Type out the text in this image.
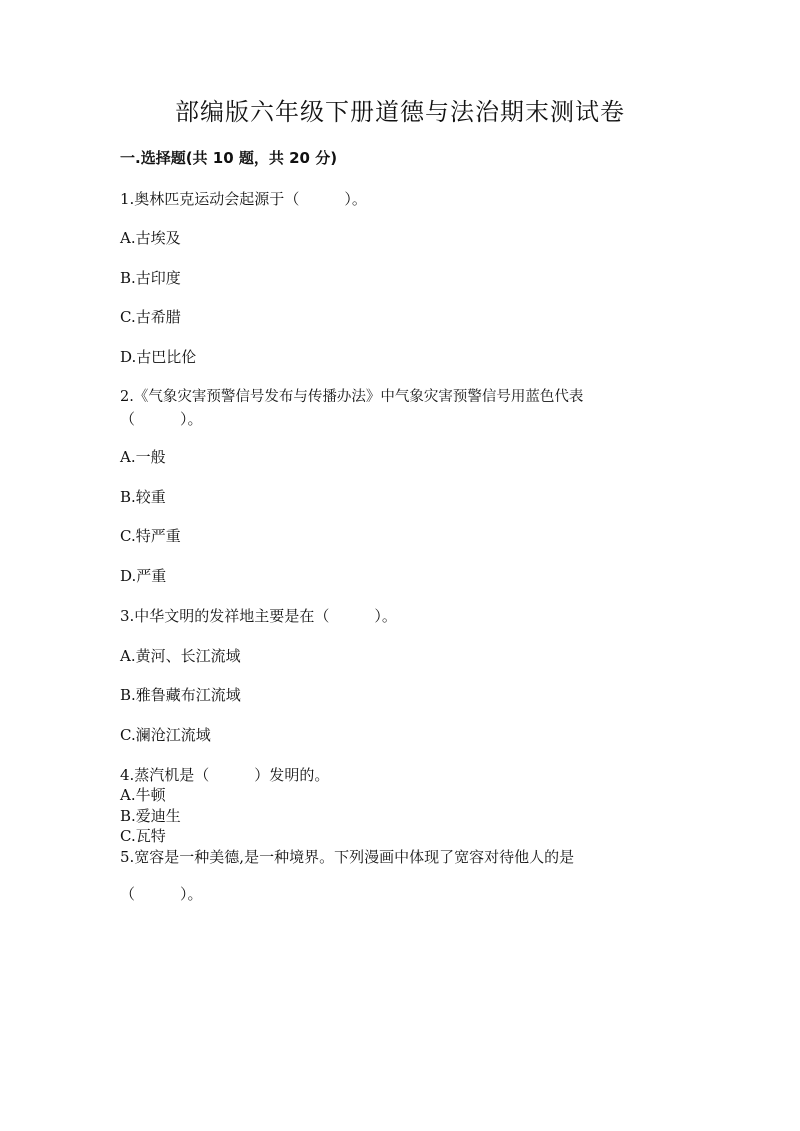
部编版六年级下册道德与法治期末测试卷
一.选择题(共 10 题，共 20 分)
1.奥林匹克运动会起源于（　　　）。
A.古埃及
B.古印度
C.古希腊
D.古巴比伦
2.《气象灾害预警信号发布与传播办法》中气象灾害预警信号用蓝色代表
（　　　）。
A.一般
B.较重
C.特严重
D.严重
3.中华文明的发祥地主要是在（　　　）。
A.黄河、长江流域
B.雅鲁藏布江流域
C.澜沧江流域
4.蒸汽机是（　　　）发明的。
A.牛顿
B.爱迪生
C.瓦特
5.宽容是一种美德,是一种境界。下列漫画中体现了宽容对待他人的是
（　　　）。
